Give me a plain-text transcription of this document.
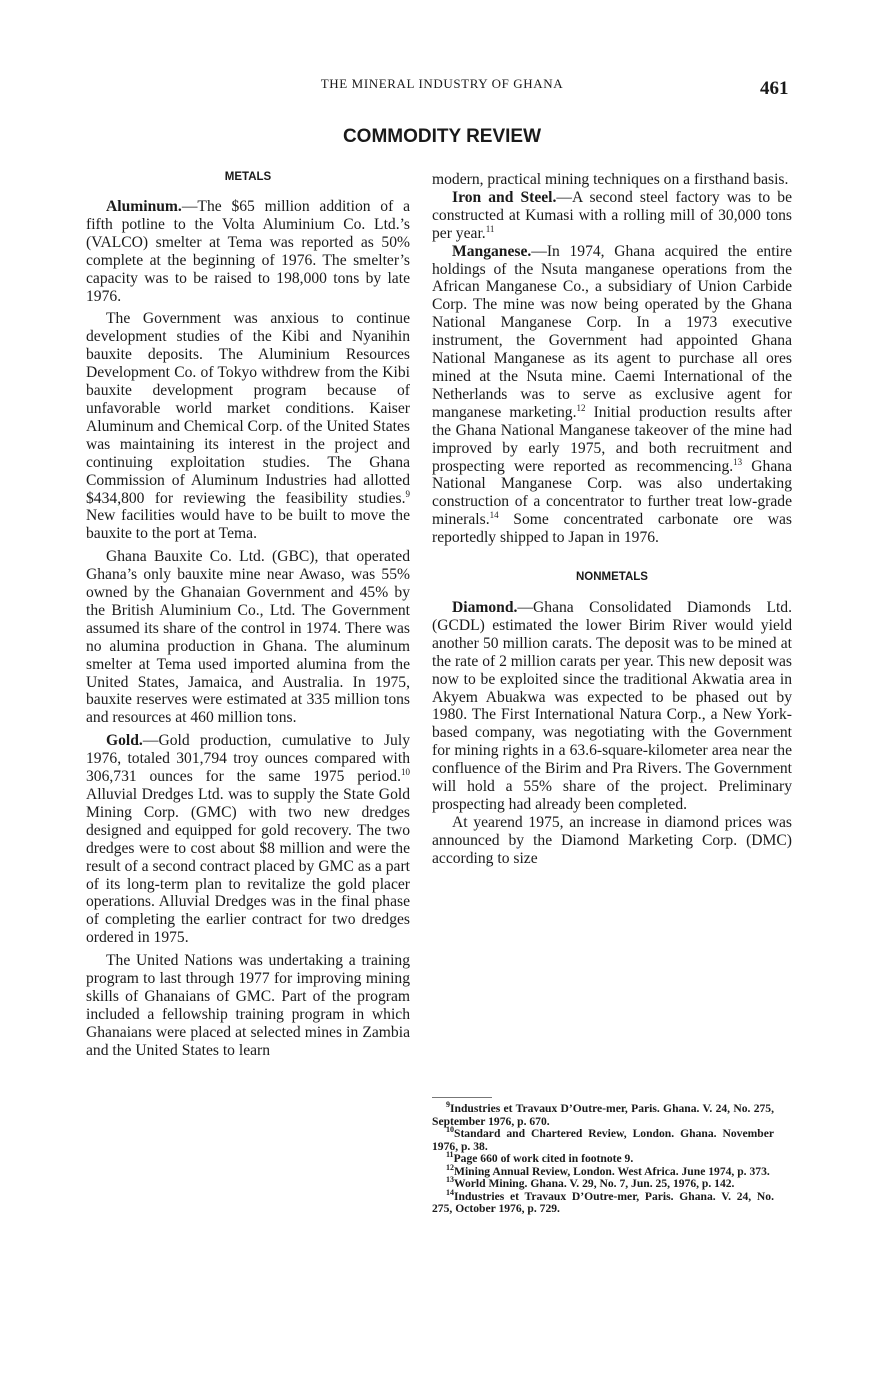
THE MINERAL INDUSTRY OF GHANA	461
COMMODITY REVIEW
METALS

Aluminum.—The $65 million addition of a fifth potline to the Volta Aluminium Co. Ltd.’s (VALCO) smelter at Tema was reported as 50% complete at the beginning of 1976. The smelter’s capacity was to be raised to 198,000 tons by late 1976.

The Government was anxious to continue development studies of the Kibi and Nyanihin bauxite deposits. The Aluminium Resources Development Co. of Tokyo withdrew from the Kibi bauxite development program because of unfavorable world market conditions. Kaiser Aluminum and Chemical Corp. of the United States was maintaining its interest in the project and continuing exploitation studies. The Ghana Commission of Aluminum Industries had allotted $434,800 for reviewing the feasibility studies.$^9$ New facilities would have to be built to move the bauxite to the port at Tema.

Ghana Bauxite Co. Ltd. (GBC), that operated Ghana’s only bauxite mine near Awaso, was 55% owned by the Ghanaian Government and 45% by the British Aluminium Co., Ltd. The Government assumed its share of the control in 1974. There was no alumina production in Ghana. The aluminum smelter at Tema used imported alumina from the United States, Jamaica, and Australia. In 1975, bauxite reserves were estimated at 335 million tons and resources at 460 million tons.

Gold.—Gold production, cumulative to July 1976, totaled 301,794 troy ounces compared with 306,731 ounces for the same 1975 period.$^{10}$ Alluvial Dredges Ltd. was to supply the State Gold Mining Corp. (GMC) with two new dredges designed and equipped for gold recovery. The two dredges were to cost about $8 million and were the result of a second contract placed by GMC as a part of its long-term plan to revitalize the gold placer operations. Alluvial Dredges was in the final phase of completing the earlier contract for two dredges ordered in 1975.

The United Nations was undertaking a training program to last through 1977 for improving mining skills of Ghanaians of GMC. Part of the program included a fellowship training program in which Ghanaians were placed at selected mines in Zambia and the United States to learn

modern, practical mining techniques on a firsthand basis.

Iron and Steel.—A second steel factory was to be constructed at Kumasi with a rolling mill of 30,000 tons per year.$^{11}$

Manganese.—In 1974, Ghana acquired the entire holdings of the Nsuta manganese operations from the African Manganese Co., a subsidiary of Union Carbide Corp. The mine was now being operated by the Ghana National Manganese Corp. In a 1973 executive instrument, the Government had appointed Ghana National Manganese as its agent to purchase all ores mined at the Nsuta mine. Caemi International of the Netherlands was to serve as exclusive agent for manganese marketing.$^{12}$ Initial production results after the Ghana National Manganese takeover of the mine had improved by early 1975, and both recruitment and prospecting were reported as recommencing.$^{13}$ Ghana National Manganese Corp. was also undertaking construction of a concentrator to further treat low-grade minerals.$^{14}$ Some concentrated carbonate ore was reportedly shipped to Japan in 1976.

NONMETALS

Diamond.—Ghana Consolidated Diamonds Ltd. (GCDL) estimated the lower Birim River would yield another 50 million carats. The deposit was to be mined at the rate of 2 million carats per year. This new deposit was now to be exploited since the traditional Akwatia area in Akyem Abuakwa was expected to be phased out by 1980. The First International Natura Corp., a New York-based company, was negotiating with the Government for mining rights in a 63.6-square-kilometer area near the confluence of the Birim and Pra Rivers. The Government will hold a 55% share of the project. Preliminary prospecting had already been completed.

At yearend 1975, an increase in diamond prices was announced by the Diamond Marketing Corp. (DMC) according to size

$^9$Industries et Travaux D’Outre-mer, Paris. Ghana. V. 24, No. 275, September 1976, p. 670.

$^{10}$Standard and Chartered Review, London. Ghana. November 1976, p. 38.

$^{11}$Page 660 of work cited in footnote 9.

$^{12}$Mining Annual Review, London. West Africa. June 1974, p. 373.

$^{13}$World Mining. Ghana. V. 29, No. 7, Jun. 25, 1976, p. 142.

$^{14}$Industries et Travaux D’Outre-mer, Paris. Ghana. V. 24, No. 275, October 1976, p. 729.
